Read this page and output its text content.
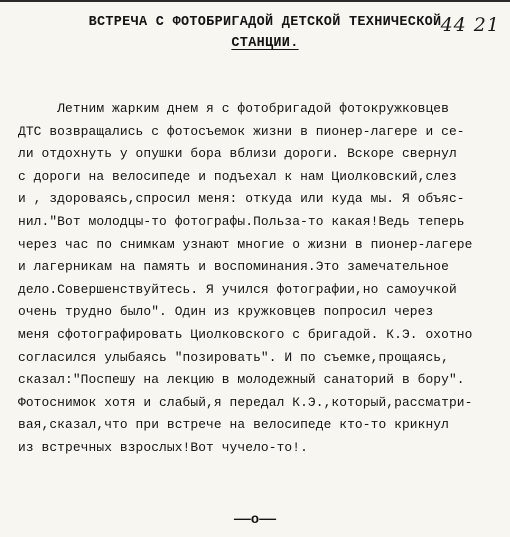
ВСТРЕЧА С ФОТОБРИГАДОЙ ДЕТСКОЙ ТЕХНИЧЕСКОЙ
СТАНЦИИ.
44 21
Летним жарким днем я с фотобригадой фотокружковцев
ДТС возвращались с фотосъемок жизни в пионер-лагере и се-
ли отдохнуть у опушки бора вблизи дороги. Вскоре свернул
с дороги на велосипеде и подъехал к нам Циолковский,слез
и , здороваясь,спросил меня: откуда или куда мы. Я объяс-
нил."Вот молодцы-то фотографы.Польза-то какая!Ведь теперь
через час по снимкам узнают многие о жизни в пионер-лагере
и лагерникам на память и воспоминания.Это замечательное
дело.Совершенствуйтесь. Я учился фотографии,но самоучкой
очень трудно было". Один из кружковцев попросил через
меня сфотографировать Циолковского с бригадой. К.Э. охотно
согласился улыбаясь "позировать". И по съемке,прощаясь,
сказал:"Поспешу на лекцию в молодежный санаторий в бору".
Фотоснимок хотя и слабый,я передал К.Э.,который,рассматри-
вая,сказал,что при встрече на велосипеде кто-то крикнул
из встречных взрослых!Вот чучело-то!.
——о——
